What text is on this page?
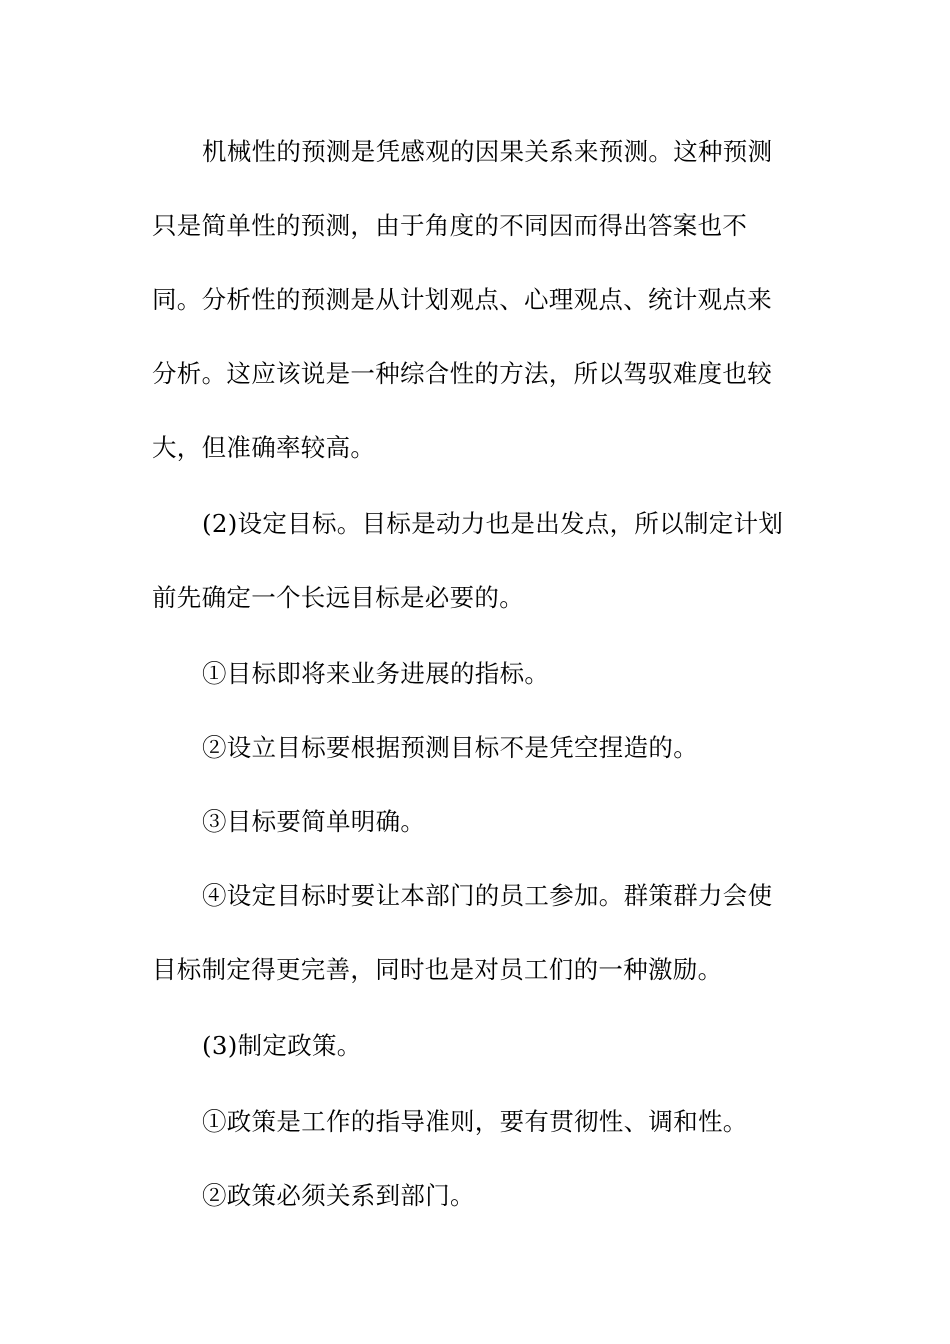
机械性的预测是凭感观的因果关系来预测。这种预测
只是简单性的预测，由于角度的不同因而得出答案也不
同。分析性的预测是从计划观点、心理观点、统计观点来
分析。这应该说是一种综合性的方法，所以驾驭难度也较
大，但准确率较高。
(2)设定目标。目标是动力也是出发点，所以制定计划
前先确定一个长远目标是必要的。
①目标即将来业务进展的指标。
②设立目标要根据预测目标不是凭空捏造的。
③目标要简单明确。
④设定目标时要让本部门的员工参加。群策群力会使
目标制定得更完善，同时也是对员工们的一种激励。
(3)制定政策。
①政策是工作的指导准则，要有贯彻性、调和性。
②政策必须关系到部门。
